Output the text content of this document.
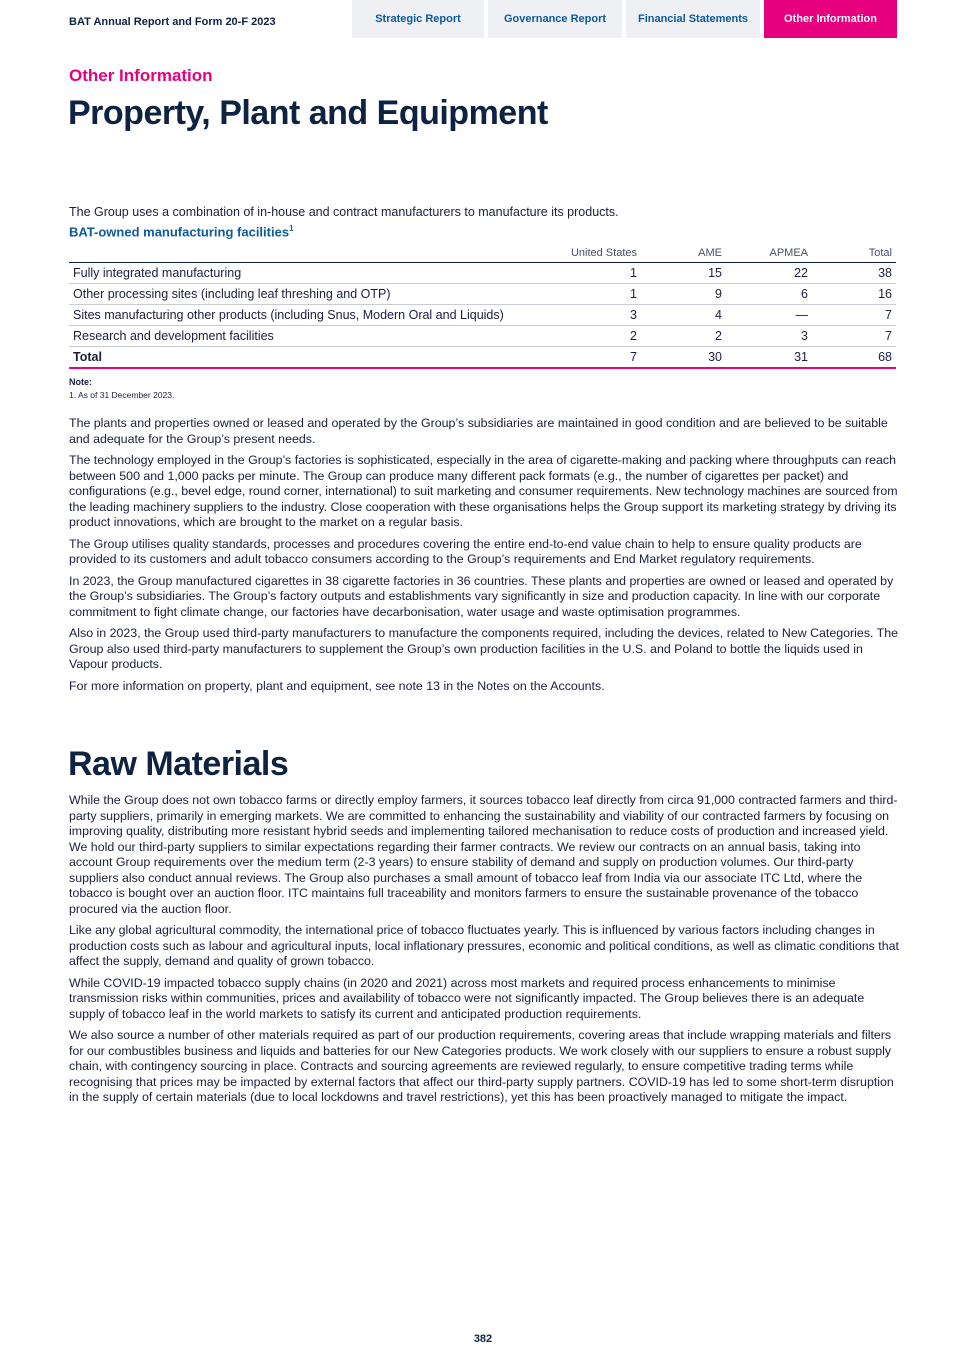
BAT Annual Report and Form 20-F 2023	Strategic Report	Governance Report	Financial Statements	Other Information
Other Information
Property, Plant and Equipment

The Group uses a combination of in-house and contract manufacturers to manufacture its products.

BAT-owned manufacturing facilities$^1$
	United States	AME	APMEA	Total
Fully integrated manufacturing	1	15	22	38
Other processing sites (including leaf threshing and OTP)	1	9	6	16
Sites manufacturing other products (including Snus, Modern Oral and Liquids)	3	4	—	7
Research and development facilities	2	2	3	7
Total	7	30	31	68

Note:

1. As of 31 December 2023.

The plants and properties owned or leased and operated by the Group’s subsidiaries are maintained in good condition and are believed to be suitable and adequate for the Group’s present needs.

The technology employed in the Group’s factories is sophisticated, especially in the area of cigarette-making and packing where throughputs can reach between 500 and 1,000 packs per minute. The Group can produce many different pack formats (e.g., the number of cigarettes per packet) and configurations (e.g., bevel edge, round corner, international) to suit marketing and consumer requirements. New technology machines are sourced from the leading machinery suppliers to the industry. Close cooperation with these organisations helps the Group support its marketing strategy by driving its product innovations, which are brought to the market on a regular basis.

The Group utilises quality standards, processes and procedures covering the entire end-to-end value chain to help to ensure quality products are provided to its customers and adult tobacco consumers according to the Group’s requirements and End Market regulatory requirements.

In 2023, the Group manufactured cigarettes in 38 cigarette factories in 36 countries. These plants and properties are owned or leased and operated by the Group’s subsidiaries. The Group’s factory outputs and establishments vary significantly in size and production capacity. In line with our corporate commitment to fight climate change, our factories have decarbonisation, water usage and waste optimisation programmes.

Also in 2023, the Group used third-party manufacturers to manufacture the components required, including the devices, related to New Categories. The Group also used third-party manufacturers to supplement the Group’s own production facilities in the U.S. and Poland to bottle the liquids used in Vapour products.

For more information on property, plant and equipment, see note 13 in the Notes on the Accounts.

Raw Materials

While the Group does not own tobacco farms or directly employ farmers, it sources tobacco leaf directly from circa 91,000 contracted farmers and third-party suppliers, primarily in emerging markets. We are committed to enhancing the sustainability and viability of our contracted farmers by focusing on improving quality, distributing more resistant hybrid seeds and implementing tailored mechanisation to reduce costs of production and increased yield. We hold our third-party suppliers to similar expectations regarding their farmer contracts. We review our contracts on an annual basis, taking into account Group requirements over the medium term (2-3 years) to ensure stability of demand and supply on production volumes. Our third-party suppliers also conduct annual reviews. The Group also purchases a small amount of tobacco leaf from India via our associate ITC Ltd, where the tobacco is bought over an auction floor. ITC maintains full traceability and monitors farmers to ensure the sustainable provenance of the tobacco procured via the auction floor.

Like any global agricultural commodity, the international price of tobacco fluctuates yearly. This is influenced by various factors including changes in production costs such as labour and agricultural inputs, local inflationary pressures, economic and political conditions, as well as climatic conditions that affect the supply, demand and quality of grown tobacco.

While COVID-19 impacted tobacco supply chains (in 2020 and 2021) across most markets and required process enhancements to minimise transmission risks within communities, prices and availability of tobacco were not significantly impacted. The Group believes there is an adequate supply of tobacco leaf in the world markets to satisfy its current and anticipated production requirements.

We also source a number of other materials required as part of our production requirements, covering areas that include wrapping materials and filters for our combustibles business and liquids and batteries for our New Categories products. We work closely with our suppliers to ensure a robust supply chain, with contingency sourcing in place. Contracts and sourcing agreements are reviewed regularly, to ensure competitive trading terms while recognising that prices may be impacted by external factors that affect our third-party supply partners. COVID-19 has led to some short-term disruption in the supply of certain materials (due to local lockdowns and travel restrictions), yet this has been proactively managed to mitigate the impact.

382
